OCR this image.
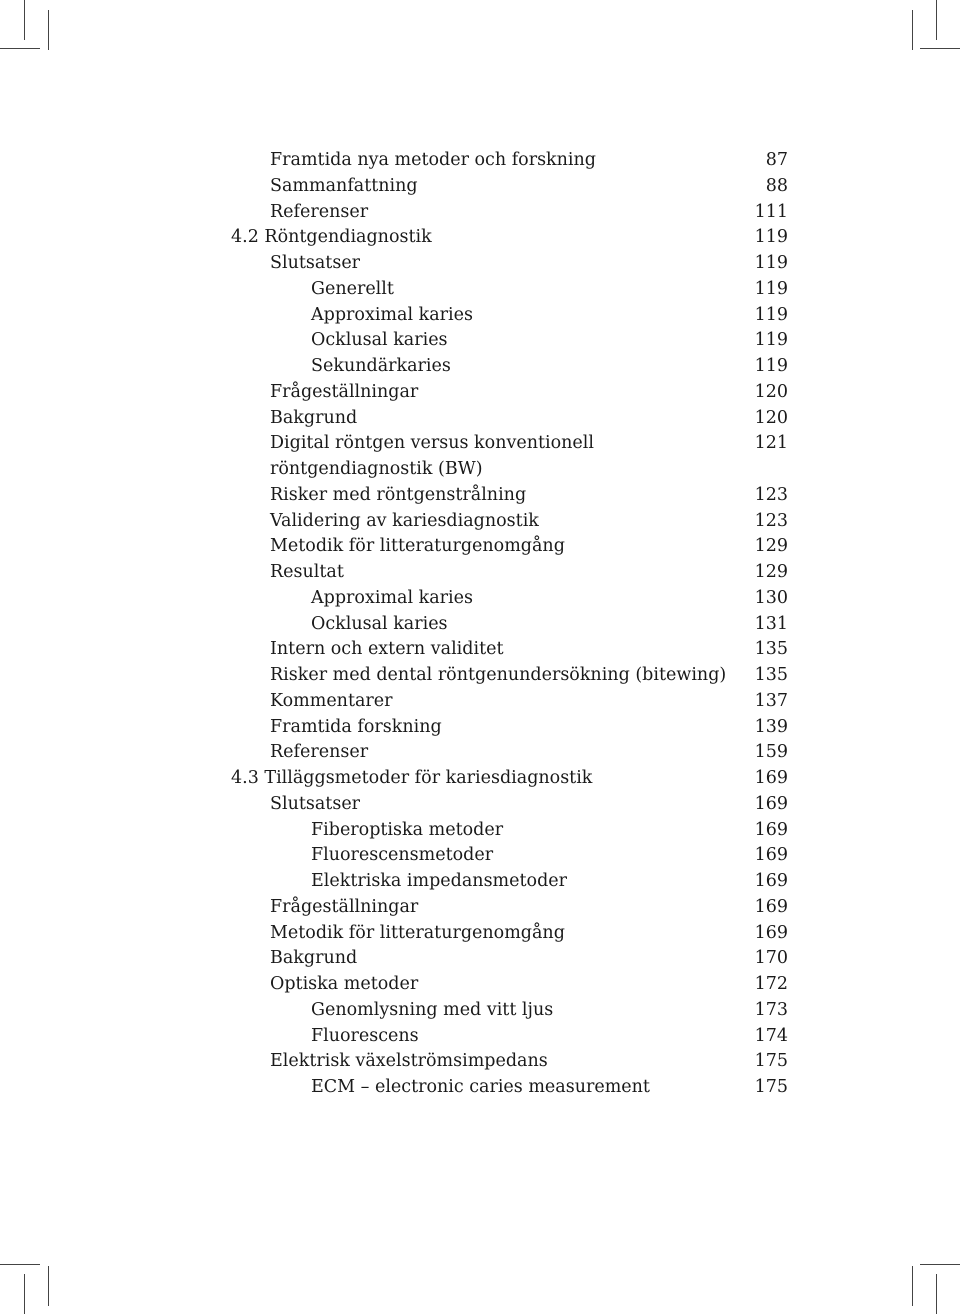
Framtida nya metoder och forskning	87
Sammanfattning	88
Referenser	111
4.2 Röntgendiagnostik	119
Slutsatser	119
Generellt	119
Approximal karies	119
Ocklusal karies	119
Sekundärkaries	119
Frågeställningar	120
Bakgrund	120
Digital röntgen versus konventionell	121
röntgendiagnostik (BW)
Risker med röntgenstrålning	123
Validering av kariesdiagnostik	123
Metodik för litteraturgenomgång	129
Resultat	129
Approximal karies	130
Ocklusal karies	131
Intern och extern validitet	135
Risker med dental röntgenundersökning (bitewing) 135
Kommentarer	137
Framtida forskning	139
Referenser	159
4.3 Tilläggsmetoder för kariesdiagnostik	169
Slutsatser	169
Fiberoptiska metoder	169
Fluorescensmetoder	169
Elektriska impedansmetoder	169
Frågeställningar	169
Metodik för litteraturgenomgång	169
Bakgrund	170
Optiska metoder	172
Genomlysning med vitt ljus	173
Fluorescens	174
Elektrisk växelströmsimpedans	175
ECM – electronic caries measurement	175
